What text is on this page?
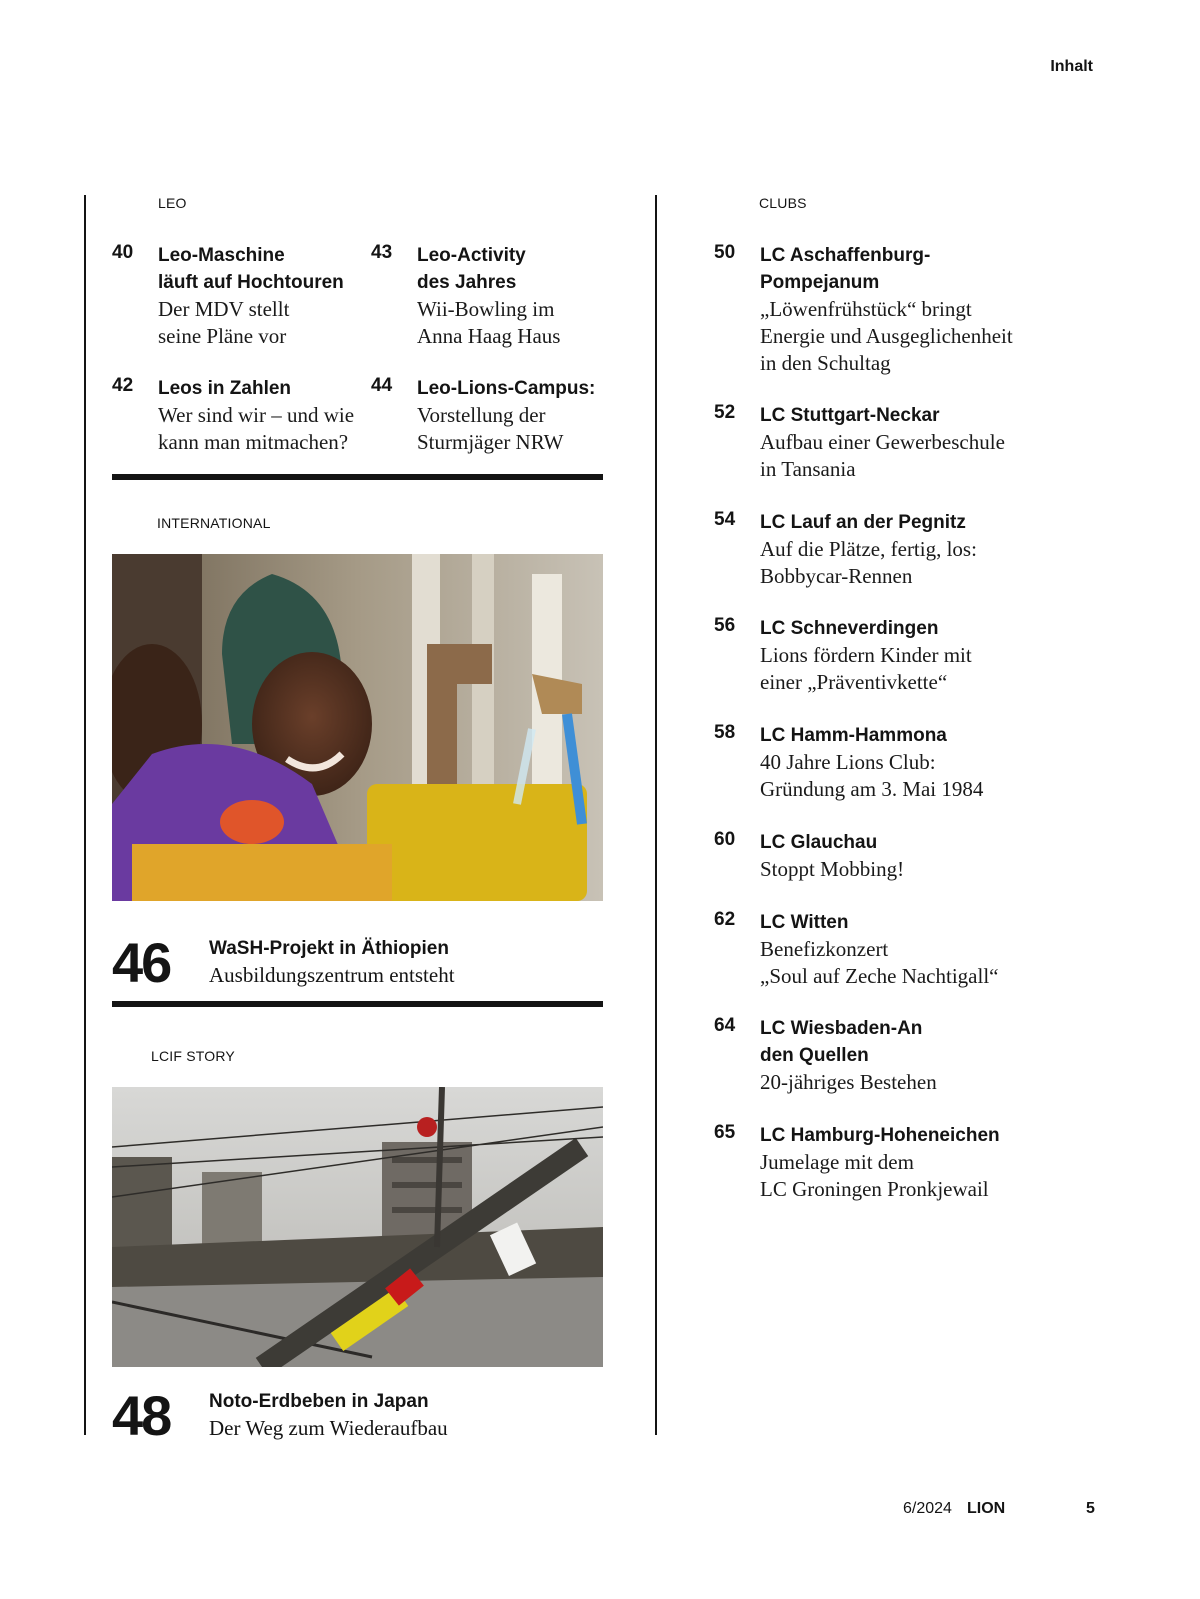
Inhalt
LEO
40 Leo-Maschine
läuft auf Hochtouren
Der MDV stellt
seine Pläne vor
43 Leo-Activity
des Jahres
Wii-Bowling im
Anna Haag Haus
42 Leos in Zahlen
Wer sind wir – und wie
kann man mitmachen?
44 Leo-Lions-Campus:
Vorstellung der
Sturmjäger NRW
INTERNATIONAL
46 WaSH-Projekt in Äthiopien
Ausbildungszentrum entsteht
LCIF STORY
48 Noto-Erdbeben in Japan
Der Weg zum Wiederaufbau
CLUBS
50 LC Aschaffenburg-
Pompejanum
„Löwenfrühstück“ bringt
Energie und Ausgeglichenheit
in den Schultag
52 LC Stuttgart-Neckar
Aufbau einer Gewerbeschule
in Tansania
54 LC Lauf an der Pegnitz
Auf die Plätze, fertig, los:
Bobbycar-Rennen
56 LC Schneverdingen
Lions fördern Kinder mit
einer „Präventivkette“
58 LC Hamm-Hammona
40 Jahre Lions Club:
Gründung am 3. Mai 1984
60 LC Glauchau
Stoppt Mobbing!
62 LC Witten
Benefizkonzert
„Soul auf Zeche Nachtigall“
64 LC Wiesbaden-An
den Quellen
20-jähriges Bestehen
65 LC Hamburg-Hoheneichen
Jumelage mit dem
LC Groningen Pronkjewail
6/2024 LION	5
